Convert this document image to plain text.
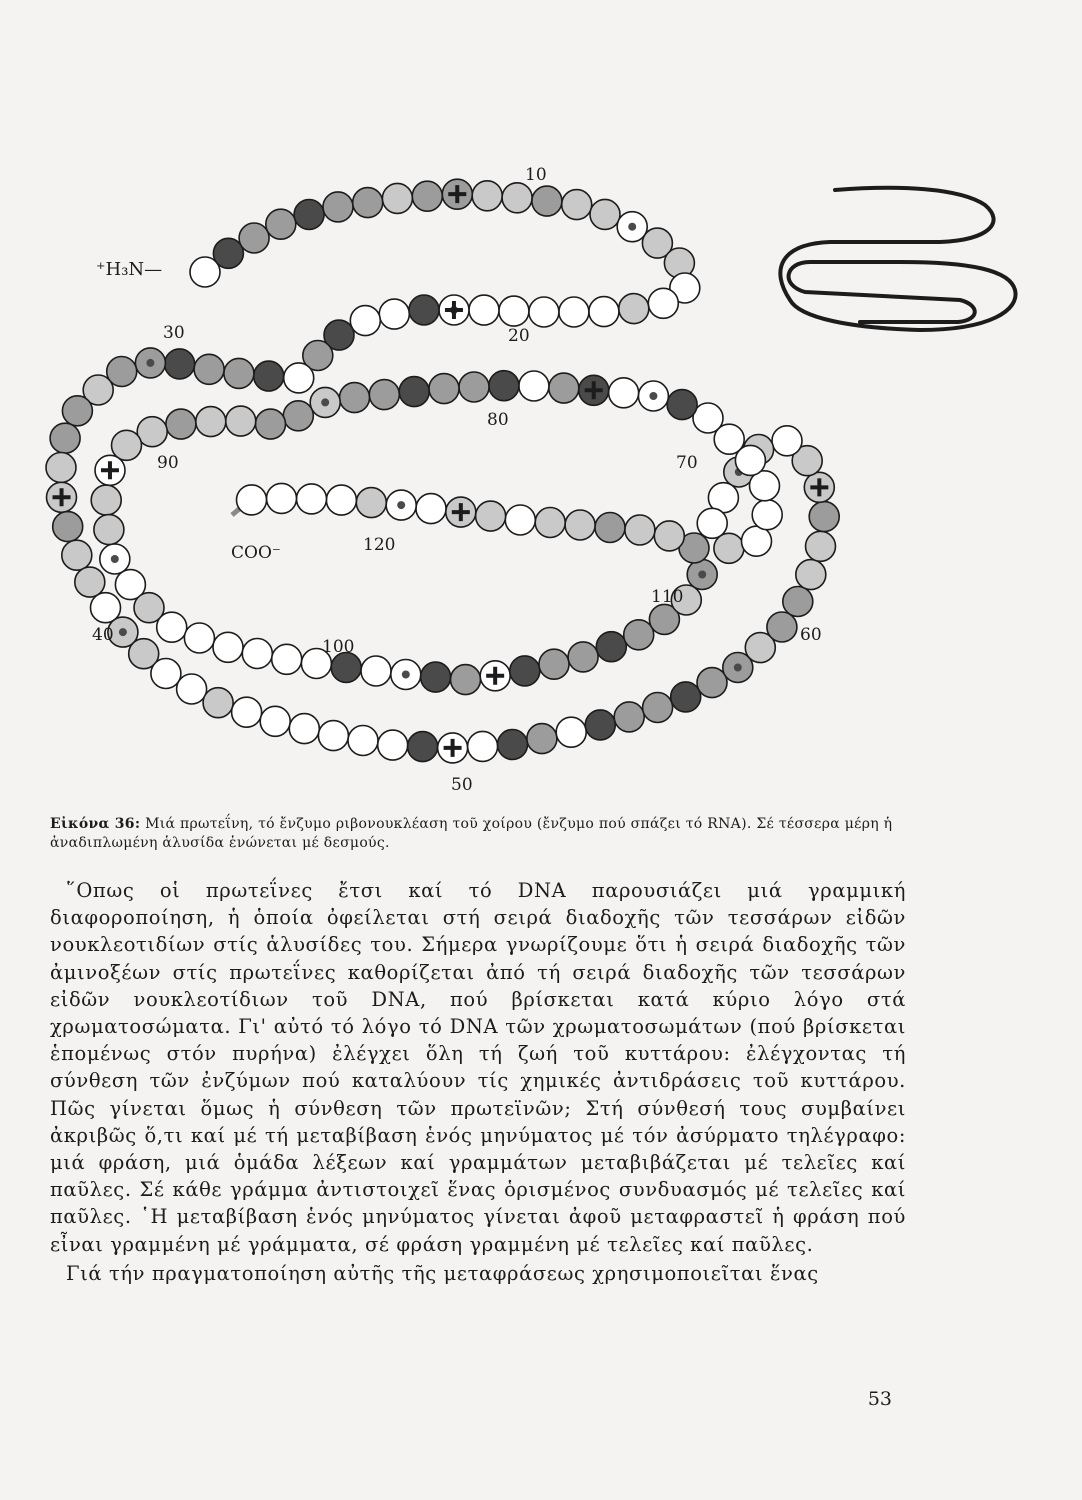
10
20
30
40
50
60
70
80
90
100
110
120
⁺H₃N—
COO⁻
Εἰκόνα 36: Μιά πρωτεΐνη, τό ἔνζυμο ριβονουκλέαση τοῦ χοίρου (ἔνζυμο πού σπάζει τό RNA). Σέ τέσσερα μέρη ἡ ἀναδιπλωμένη ἁλυσίδα ἑνώνεται μέ δεσμούς.

῞Οπως οἱ πρωτεΐνες ἔτσι καί τό DNA παρουσιάζει μιά γραμμική διαφοροποίηση, ἡ ὁποία ὀφείλεται στή σειρά διαδοχῆς τῶν τεσσάρων εἰδῶν νουκλεοτιδίων στίς ἁλυσίδες του. Σήμερα γνωρίζουμε ὅτι ἡ σειρά διαδοχῆς τῶν ἀμινοξέων στίς πρωτεΐνες καθορίζεται ἀπό τή σειρά διαδοχῆς τῶν τεσσάρων εἰδῶν νουκλεοτίδιων τοῦ DNA, πού βρίσκεται κατά κύριο λόγο στά χρωματοσώματα. Γι' αὐτό τό λόγο τό DNA τῶν χρωματοσωμάτων (πού βρίσκεται ἑπομένως στόν πυρήνα) ἐλέγχει ὅλη τή ζωή τοῦ κυττάρου: ἐλέγχοντας τή σύνθεση τῶν ἐνζύμων πού καταλύουν τίς χημικές ἀντιδράσεις τοῦ κυττάρου. Πῶς γίνεται ὅμως ἡ σύνθεση τῶν πρωτεϊνῶν; Στή σύνθεσή τους συμβαίνει ἀκριβῶς ὅ,τι καί μέ τή μεταβίβαση ἑνός μηνύματος μέ τόν ἀσύρματο τηλέγραφο: μιά φράση, μιά ὁμάδα λέξεων καί γραμμάτων μεταβιβάζεται μέ τελεῖες καί παῦλες. Σέ κάθε γράμμα ἀντιστοιχεῖ ἕνας ὁρισμένος συνδυασμός μέ τελεῖες καί παῦλες. ῾Η μεταβίβαση ἑνός μηνύματος γίνεται ἀφοῦ μεταφραστεῖ ἡ φράση πού εἶναι γραμμένη μέ γράμματα, σέ φράση γραμμένη μέ τελεῖες καί παῦλες.

Γιά τήν πραγματοποίηση αὐτῆς τῆς μεταφράσεως χρησιμοποιεῖται ἕνας

53
